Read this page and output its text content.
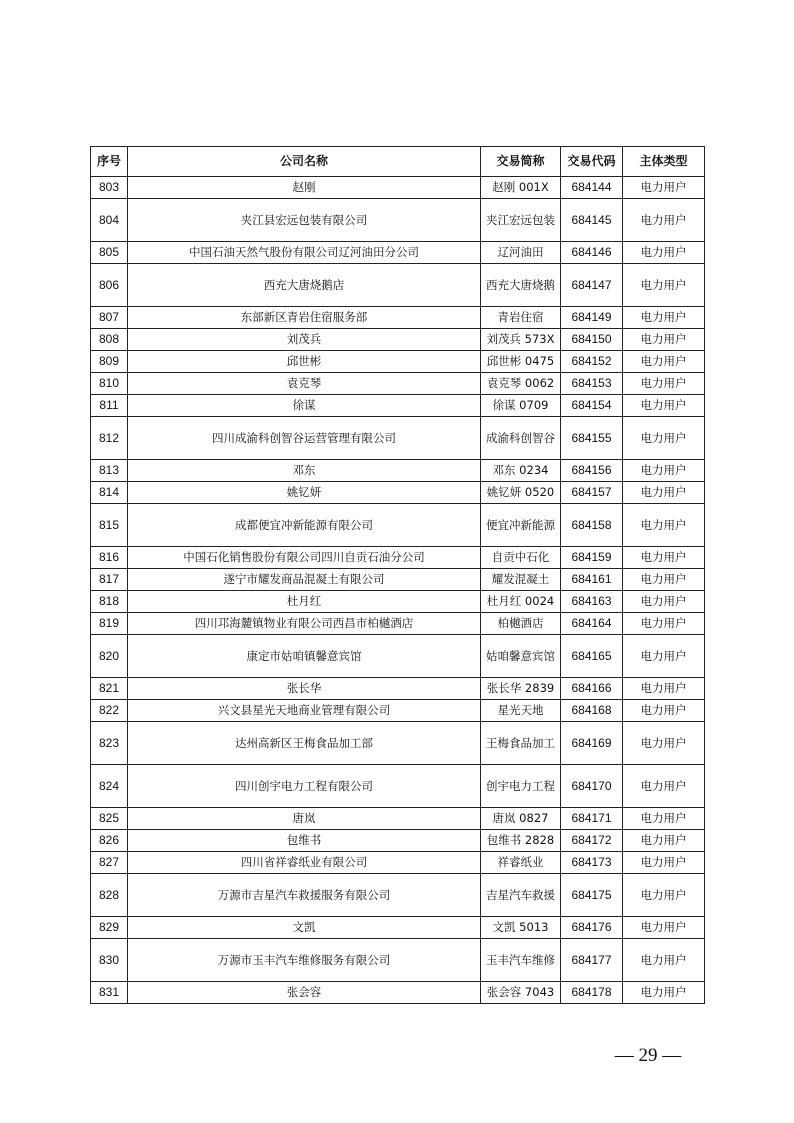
序号	公司名称	交易简称	交易代码	主体类型
803	赵刚	赵刚 001X	684144	电力用户
804	夹江县宏远包装有限公司	夹江宏远包装	684145	电力用户
805	中国石油天然气股份有限公司辽河油田分公司	辽河油田	684146	电力用户
806	西充大唐烧鹅店	西充大唐烧鹅	684147	电力用户
807	东部新区青岩住宿服务部	青岩住宿	684149	电力用户
808	刘茂兵	刘茂兵 573X	684150	电力用户
809	邱世彬	邱世彬 0475	684152	电力用户
810	袁克琴	袁克琴 0062	684153	电力用户
811	徐谋	徐谋 0709	684154	电力用户
812	四川成渝科创智谷运营管理有限公司	成渝科创智谷	684155	电力用户
813	邓东	邓东 0234	684156	电力用户
814	姚钇妍	姚钇妍 0520	684157	电力用户
815	成都便宜冲新能源有限公司	便宜冲新能源	684158	电力用户
816	中国石化销售股份有限公司四川自贡石油分公司	自贡中石化	684159	电力用户
817	遂宁市耀发商品混凝土有限公司	耀发混凝土	684161	电力用户
818	杜月红	杜月红 0024	684163	电力用户
819	四川邛海麓镇物业有限公司西昌市柏樾酒店	柏樾酒店	684164	电力用户
820	康定市姑咱镇馨意宾馆	姑咱馨意宾馆	684165	电力用户
821	张长华	张长华 2839	684166	电力用户
822	兴文县星光天地商业管理有限公司	星光天地	684168	电力用户
823	达州高新区王梅食品加工部	王梅食品加工	684169	电力用户
824	四川创宇电力工程有限公司	创宇电力工程	684170	电力用户
825	唐岚	唐岚 0827	684171	电力用户
826	包维书	包维书 2828	684172	电力用户
827	四川省祥睿纸业有限公司	祥睿纸业	684173	电力用户
828	万源市吉星汽车救援服务有限公司	吉星汽车救援	684175	电力用户
829	文凯	文凯 5013	684176	电力用户
830	万源市玉丰汽车维修服务有限公司	玉丰汽车维修	684177	电力用户
831	张会容	张会容 7043	684178	电力用户
— 29 —
